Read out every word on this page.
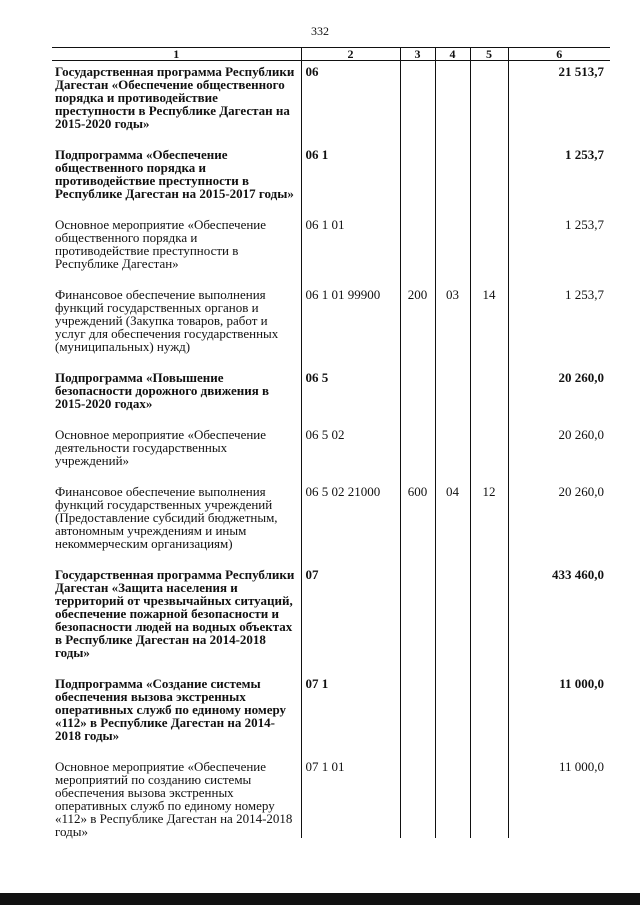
332
1	2	3	4	5	6
Государственная программа Республики Дагестан «Обеспечение общественного порядка и противодействие преступности в Республике Дагестан на 2015-2020 годы»	06				21 513,7

Подпрограмма «Обеспечение общественного порядка и противодействие преступности в Республике Дагестан на 2015-2017 годы»	06 1				1 253,7

Основное мероприятие «Обеспечение общественного порядка и противодействие преступности в Республике Дагестан»	06 1 01				1 253,7

Финансовое обеспечение выполнения функций государственных органов и учреждений (Закупка товаров, работ и услуг для обеспечения государственных (муниципальных) нужд)	06 1 01 99900	200	03	14	1 253,7

Подпрограмма «Повышение безопасности дорожного движения в 2015-2020 годах»	06 5				20 260,0

Основное мероприятие «Обеспечение деятельности государственных учреждений»	06 5 02				20 260,0

Финансовое обеспечение выполнения функций государственных учреждений (Предоставление субсидий бюджетным, автономным учреждениям и иным некоммерческим организациям)	06 5 02 21000	600	04	12	20 260,0

Государственная программа Республики Дагестан «Защита населения и территорий от чрезвычайных ситуаций, обеспечение пожарной безопасности и безопасности людей на водных объектах в Республике Дагестан на 2014-2018 годы»	07				433 460,0

Подпрограмма «Создание системы обеспечения вызова экстренных оперативных служб по единому номеру «112» в Республике Дагестан на 2014-2018 годы»	07 1				11 000,0

Основное мероприятие «Обеспечение мероприятий по созданию системы обеспечения вызова экстренных оперативных служб по единому номеру «112» в Республике Дагестан на 2014-2018 годы»	07 1 01				11 000,0
